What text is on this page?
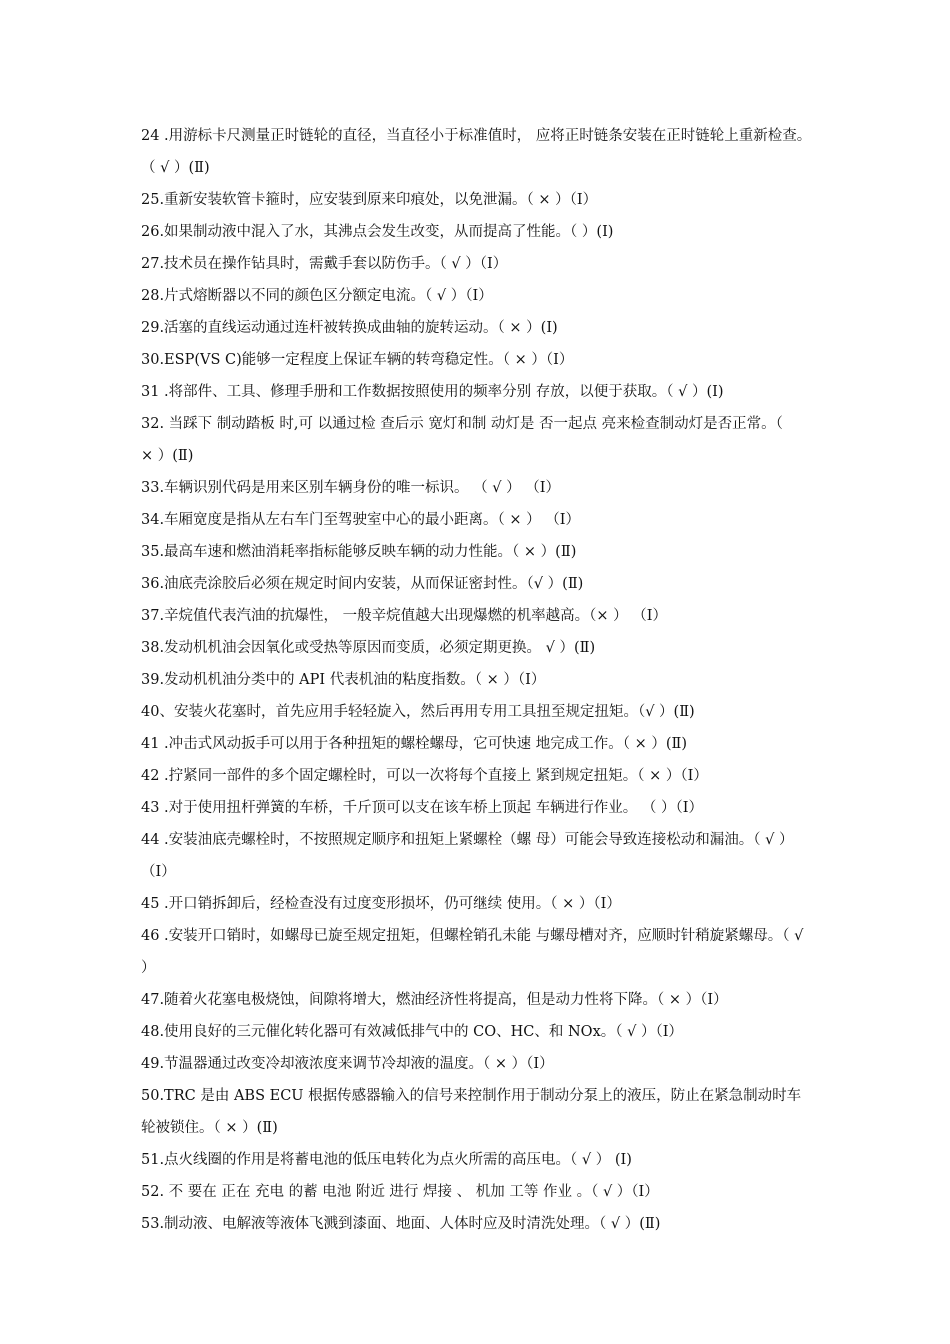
24 .用游标卡尺测量正时链轮的直径，当直径小于标准值时， 应将正时链条安装在正时链轮上重新检查。
（ √ ）(Ⅱ)
25.重新安装软管卡箍时，应安装到原来印痕处，以免泄漏。（ × ）（Ⅰ）
26.如果制动液中混入了水，其沸点会发生改变，从而提高了性能。（ ）(Ⅰ)
27.技术员在操作钻具时，需戴手套以防伤手。（ √ ）（Ⅰ）
28.片式熔断器以不同的颜色区分额定电流。（ √ ）（Ⅰ）
29.活塞的直线运动通过连杆被转换成曲轴的旋转运动。（ × ）(Ⅰ)
30.ESP(VS C)能够一定程度上保证车辆的转弯稳定性。（ × ）（Ⅰ）
31 .将部件、工具、修理手册和工作数据按照使用的频率分别 存放，以便于获取。（ √ ）(Ⅰ)
32. 当踩下 制动踏板 时,可 以通过检 查后示 宽灯和制 动灯是 否一起点 亮来检查制动灯是否正常。（
× ）(Ⅱ)
33.车辆识别代码是用来区别车辆身份的唯一标识。 （ √ ） （Ⅰ）
34.车厢宽度是指从左右车门至驾驶室中心的最小距离。（ × ） （Ⅰ）
35.最高车速和燃油消耗率指标能够反映车辆的动力性能。（ × ）(Ⅱ)
36.油底壳涂胶后必须在规定时间内安装，从而保证密封性。（√ ）(Ⅱ)
37.辛烷值代表汽油的抗爆性， 一般辛烷值越大出现爆燃的机率越高。（× ） （Ⅰ）
38.发动机机油会因氧化或受热等原因而变质，必须定期更换。 √ ）(Ⅱ)
39.发动机机油分类中的 API 代表机油的粘度指数。（ × ）（Ⅰ）
40、安装火花塞时，首先应用手轻轻旋入，然后再用专用工具扭至规定扭矩。（√ ）(Ⅱ)
41 .冲击式风动扳手可以用于各种扭矩的螺栓螺母，它可快速 地完成工作。（ × ）(Ⅱ)
42 .拧紧同一部件的多个固定螺栓时，可以一次将每个直接上 紧到规定扭矩。（ × ）（Ⅰ）
43 .对于使用扭杆弹簧的车桥，千斤顶可以支在该车桥上顶起 车辆进行作业。 （ ）（Ⅰ）
44 .安装油底壳螺栓时，不按照规定顺序和扭矩上紧螺栓（螺 母）可能会导致连接松动和漏油。（ √ ）
（Ⅰ）
45 .开口销拆卸后，经检查没有过度变形损坏，仍可继续 使用。（ × ）（Ⅰ）
46 .安装开口销时，如螺母已旋至规定扭矩，但螺栓销孔未能 与螺母槽对齐，应顺时针稍旋紧螺母。（ √
）
47.随着火花塞电极烧蚀，间隙将增大，燃油经济性将提高，但是动力性将下降。（ × ）（Ⅰ）
48.使用良好的三元催化转化器可有效减低排气中的 CO、HC、和 NOx。（ √ ）（Ⅰ）
49.节温器通过改变冷却液浓度来调节冷却液的温度。（ × ）（Ⅰ）
50.TRC 是由 ABS ECU 根据传感器输入的信号来控制作用于制动分泵上的液压，防止在紧急制动时车
轮被锁住。（ × ）(Ⅱ)
51.点火线圈的作用是将蓄电池的低压电转化为点火所需的高压电。（ √ ） (Ⅰ)
52. 不 要在 正在 充电 的蓄 电池 附近 进行 焊接 、 机加 工等 作业 。（ √ ）（Ⅰ）
53.制动液、电解液等液体飞溅到漆面、地面、人体时应及时清洗处理。（ √ ）(Ⅱ)
